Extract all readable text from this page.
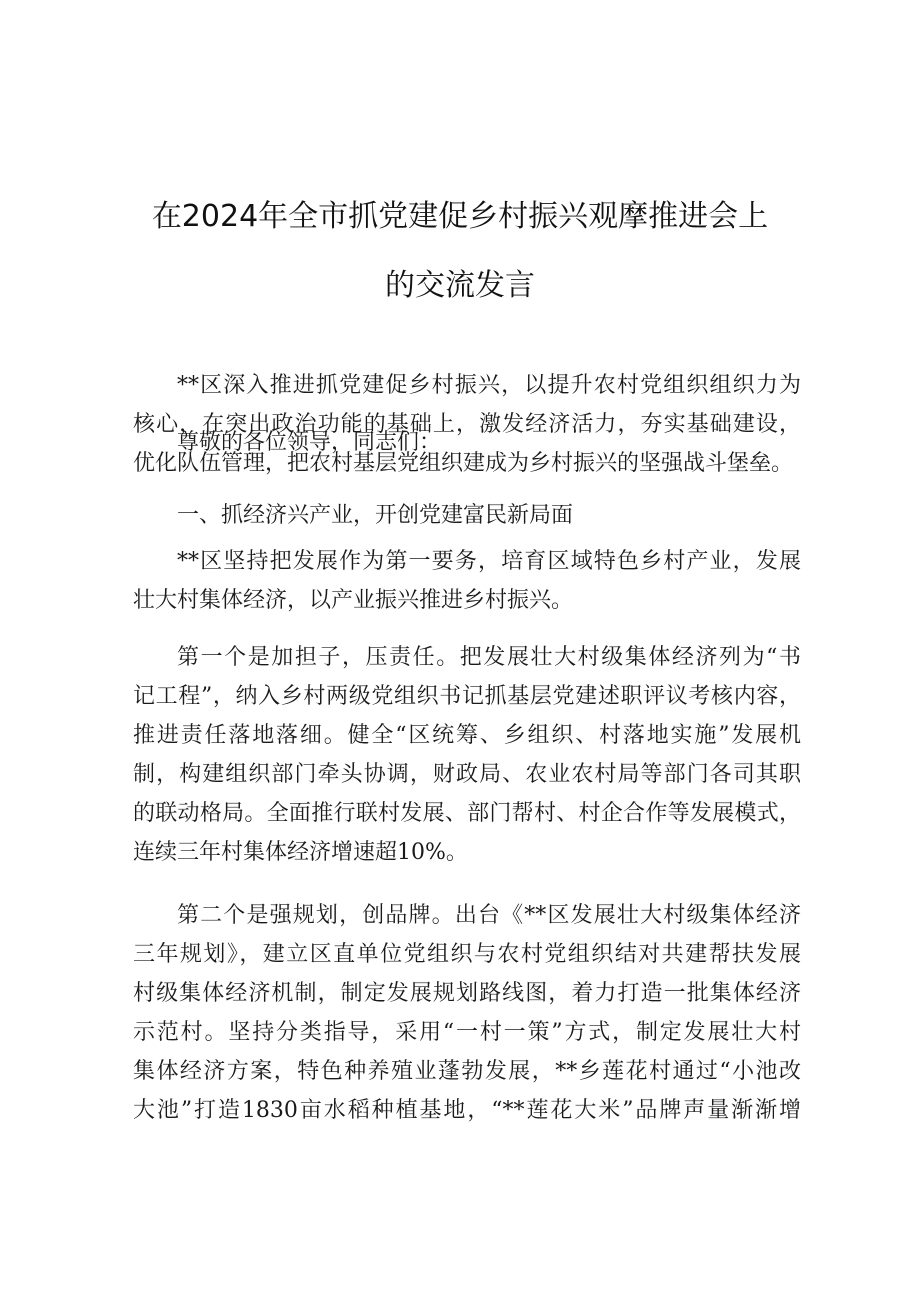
在2024年全市抓党建促乡村振兴观摩推进会上
的交流发言

尊敬的各位领导，同志们：

**区深入推进抓党建促乡村振兴，以提升农村党组织组织力为
核心，在突出政治功能的基础上，激发经济活力，夯实基础建设，
优化队伍管理，把农村基层党组织建成为乡村振兴的坚强战斗堡垒。

一、抓经济兴产业，开创党建富民新局面

**区坚持把发展作为第一要务，培育区域特色乡村产业，发展
壮大村集体经济，以产业振兴推进乡村振兴。

第一个是加担子，压责任。把发展壮大村级集体经济列为“书
记工程”，纳入乡村两级党组织书记抓基层党建述职评议考核内容，
推进责任落地落细。健全“区统筹、乡组织、村落地实施”发展机
制，构建组织部门牵头协调，财政局、农业农村局等部门各司其职
的联动格局。全面推行联村发展、部门帮村、村企合作等发展模式，
连续三年村集体经济增速超10%。

第二个是强规划，创品牌。出台《**区发展壮大村级集体经济
三年规划》，建立区直单位党组织与农村党组织结对共建帮扶发展
村级集体经济机制，制定发展规划路线图，着力打造一批集体经济
示范村。坚持分类指导，采用“一村一策”方式，制定发展壮大村
集体经济方案，特色种养殖业蓬勃发展，**乡莲花村通过“小池改
大池”打造1830亩水稻种植基地，“**莲花大米”品牌声量渐渐增
